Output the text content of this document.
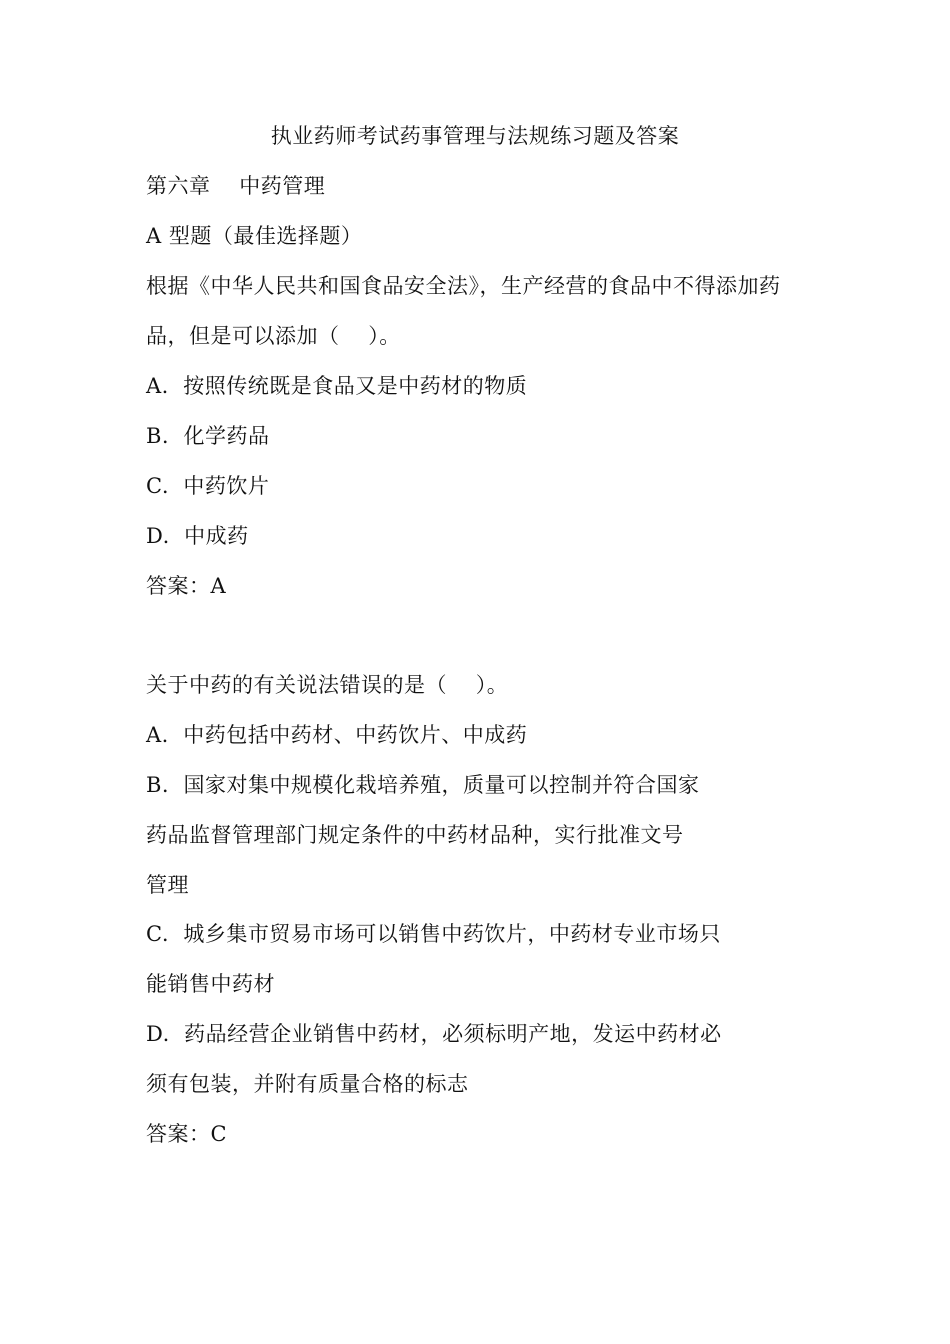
执业药师考试药事管理与法规练习题及答案
第六章    中药管理
A 型题（最佳选择题）
根据《中华人民共和国食品安全法》，生产经营的食品中不得添加药
品，但是可以添加（    ）。
A.  按照传统既是食品又是中药材的物质
B.  化学药品
C.  中药饮片
D.  中成药
答案：A
关于中药的有关说法错误的是（    ）。
A.  中药包括中药材、中药饮片、中成药
B.  国家对集中规模化栽培养殖，质量可以控制并符合国家
药品监督管理部门规定条件的中药材品种，实行批准文号
管理
C.  城乡集市贸易市场可以销售中药饮片，中药材专业市场只
能销售中药材
D.  药品经营企业销售中药材，必须标明产地，发运中药材必
须有包装，并附有质量合格的标志
答案：C
